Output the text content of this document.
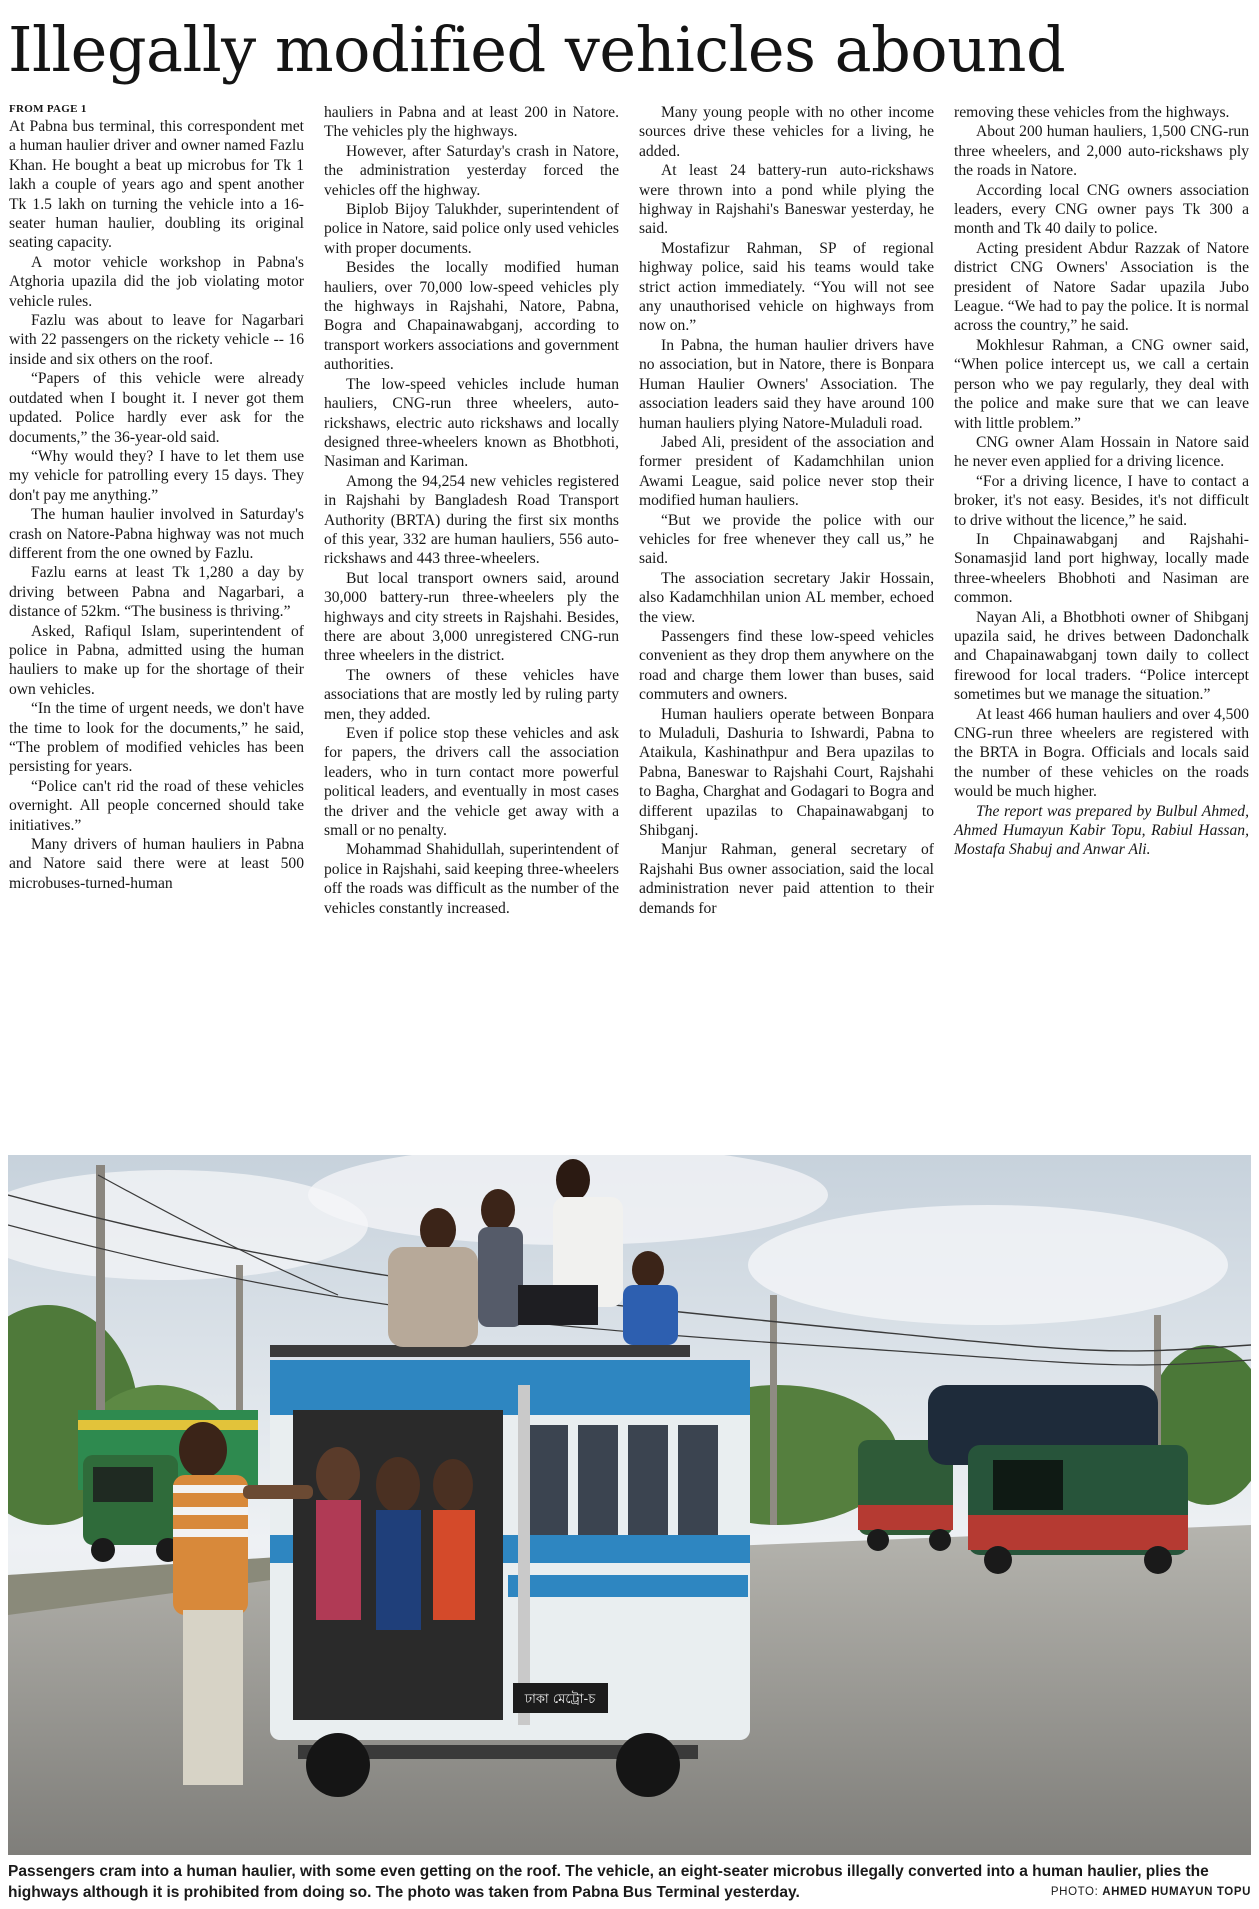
Illegally modified vehicles abound
FROM PAGE 1

At Pabna bus terminal, this correspondent met a human haulier driver and owner named Fazlu Khan. He bought a beat up microbus for Tk 1 lakh a couple of years ago and spent another Tk 1.5 lakh on turning the vehicle into a 16-seater human haulier, doubling its original seating capacity.

A motor vehicle workshop in Pabna's Atghoria upazila did the job violating motor vehicle rules.

Fazlu was about to leave for Nagarbari with 22 passengers on the rickety vehicle -- 16 inside and six others on the roof.

“Papers of this vehicle were already outdated when I bought it. I never got them updated. Police hardly ever ask for the documents,” the 36-year-old said.

“Why would they? I have to let them use my vehicle for patrolling every 15 days. They don't pay me anything.”

The human haulier involved in Saturday's crash on Natore-Pabna highway was not much different from the one owned by Fazlu.

Fazlu earns at least Tk 1,280 a day by driving between Pabna and Nagarbari, a distance of 52km. “The business is thriving.”

Asked, Rafiqul Islam, superintendent of police in Pabna, admitted using the human hauliers to make up for the shortage of their own vehicles.

“In the time of urgent needs, we don't have the time to look for the documents,” he said, “The problem of modified vehicles has been persisting for years.

“Police can't rid the road of these vehicles overnight. All people concerned should take initiatives.”

Many drivers of human hauliers in Pabna and Natore said there were at least 500 microbuses-turned-human

hauliers in Pabna and at least 200 in Natore. The vehicles ply the highways.

However, after Saturday's crash in Natore, the administration yesterday forced the vehicles off the highway.

Biplob Bijoy Talukhder, superintendent of police in Natore, said police only used vehicles with proper documents.

Besides the locally modified human hauliers, over 70,000 low-speed vehicles ply the highways in Rajshahi, Natore, Pabna, Bogra and Chapainawabganj, according to transport workers associations and government authorities.

The low-speed vehicles include human hauliers, CNG-run three wheelers, auto-rickshaws, electric auto rickshaws and locally designed three-wheelers known as Bhotbhoti, Nasiman and Kariman.

Among the 94,254 new vehicles registered in Rajshahi by Bangladesh Road Transport Authority (BRTA) during the first six months of this year, 332 are human hauliers, 556 auto-rickshaws and 443 three-wheelers.

But local transport owners said, around 30,000 battery-run three-wheelers ply the highways and city streets in Rajshahi. Besides, there are about 3,000 unregistered CNG-run three wheelers in the district.

The owners of these vehicles have associations that are mostly led by ruling party men, they added.

Even if police stop these vehicles and ask for papers, the drivers call the association leaders, who in turn contact more powerful political leaders, and eventually in most cases the driver and the vehicle get away with a small or no penalty.

Mohammad Shahidullah, superintendent of police in Rajshahi, said keeping three-wheelers off the roads was difficult as the number of the vehicles constantly increased.

Many young people with no other income sources drive these vehicles for a living, he added.

At least 24 battery-run auto-rickshaws were thrown into a pond while plying the highway in Rajshahi's Baneswar yesterday, he said.

Mostafizur Rahman, SP of regional highway police, said his teams would take strict action immediately. “You will not see any unauthorised vehicle on highways from now on.”

In Pabna, the human haulier drivers have no association, but in Natore, there is Bonpara Human Haulier Owners' Association. The association leaders said they have around 100 human hauliers plying Natore-Muladuli road.

Jabed Ali, president of the association and former president of Kadamchhilan union Awami League, said police never stop their modified human hauliers.

“But we provide the police with our vehicles for free whenever they call us,” he said.

The association secretary Jakir Hossain, also Kadamchhilan union AL member, echoed the view.

Passengers find these low-speed vehicles convenient as they drop them anywhere on the road and charge them lower than buses, said commuters and owners.

Human hauliers operate between Bonpara to Muladuli, Dashuria to Ishwardi, Pabna to Ataikula, Kashinathpur and Bera upazilas to Pabna, Baneswar to Rajshahi Court, Rajshahi to Bagha, Charghat and Godagari to Bogra and different upazilas to Chapainawabganj to Shibganj.

Manjur Rahman, general secretary of Rajshahi Bus owner association, said the local administration never paid attention to their demands for

removing these vehicles from the highways.

About 200 human hauliers, 1,500 CNG-run three wheelers, and 2,000 auto-rickshaws ply the roads in Natore.

According local CNG owners association leaders, every CNG owner pays Tk 300 a month and Tk 40 daily to police.

Acting president Abdur Razzak of Natore district CNG Owners' Association is the president of Natore Sadar upazila Jubo League. “We had to pay the police. It is normal across the country,” he said.

Mokhlesur Rahman, a CNG owner said, “When police intercept us, we call a certain person who we pay regularly, they deal with the police and make sure that we can leave with little problem.”

CNG owner Alam Hossain in Natore said he never even applied for a driving licence.

“For a driving licence, I have to contact a broker, it's not easy. Besides, it's not difficult to drive without the licence,” he said.

In Chpainawabganj and Rajshahi-Sonamasjid land port highway, locally made three-wheelers Bhobhoti and Nasiman are common.

Nayan Ali, a Bhotbhoti owner of Shibganj upazila said, he drives between Dadonchalk and Chapainawabganj town daily to collect firewood for local traders. “Police intercept sometimes but we manage the situation.”

At least 466 human hauliers and over 4,500 CNG-run three wheelers are registered with the BRTA in Bogra. Officials and locals said the number of these vehicles on the roads would be much higher.

The report was prepared by Bulbul Ahmed, Ahmed Humayun Kabir Topu, Rabiul Hassan, Mostafa Shabuj and Anwar Ali.

ঢাকা মেট্রো-চ
Passengers cram into a human haulier, with some even getting on the roof. The vehicle, an eight-seater microbus illegally converted into a human haulier, plies the highways although it is prohibited from doing so. The photo was taken from Pabna Bus Terminal yesterday.	PHOTO: AHMED HUMAYUN TOPU
